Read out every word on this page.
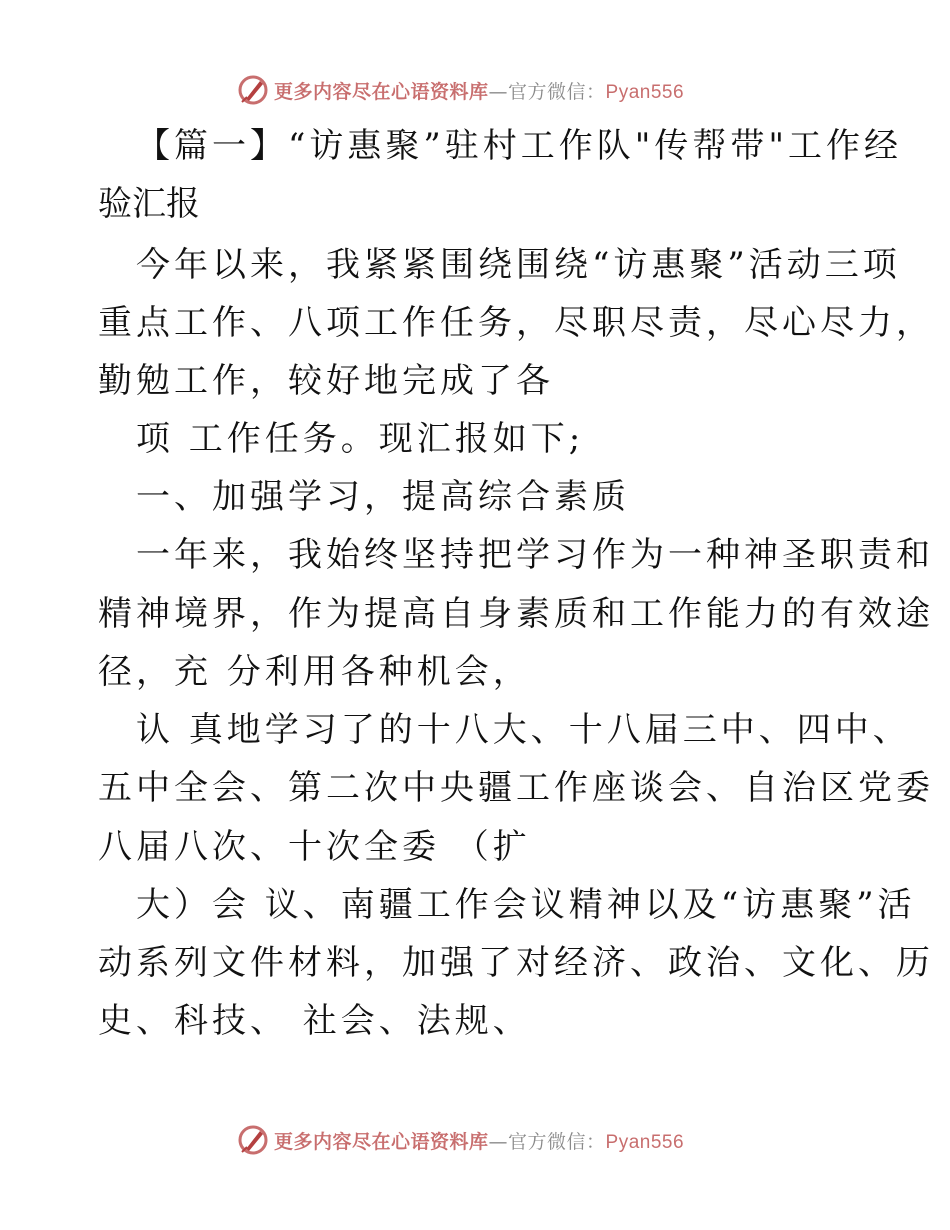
更多内容尽在心语资料库—官方微信：Pyan556
【篇一】“访惠聚”驻村工作队"传帮带"工作经
验汇报
今年以来，我紧紧围绕围绕“访惠聚”活动三项
重点工作、八项工作任务，尽职尽责，尽心尽力，
勤勉工作，较好地完成了各
项 工作任务。现汇报如下;
一、加强学习，提高综合素质
一年来，我始终坚持把学习作为一种神圣职责和
精神境界，作为提高自身素质和工作能力的有效途
径，充 分利用各种机会，
认 真地学习了的十八大、十八届三中、四中、
五中全会、第二次中央疆工作座谈会、自治区党委
八届八次、十次全委 （扩
大）会 议、南疆工作会议精神以及“访惠聚”活
动系列文件材料，加强了对经济、政治、文化、历
史、科技、 社会、法规、
更多内容尽在心语资料库—官方微信：Pyan556
